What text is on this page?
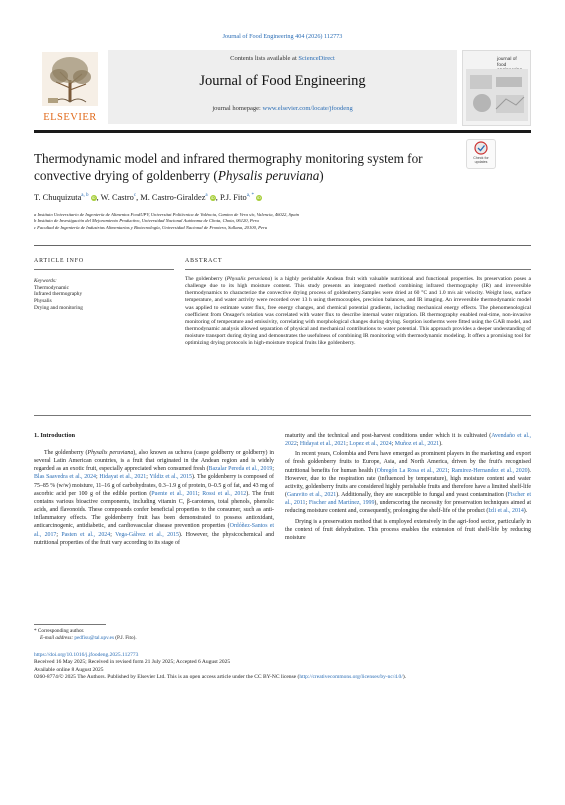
Journal of Food Engineering 404 (2026) 112773
ELSEVIER
Contents lists available at ScienceDirect
Journal of Food Engineering
journal homepage: www.elsevier.com/locate/jfoodeng
journal of
food
Thermodynamic model and infrared thermography monitoring system for convective drying of goldenberry (Physalis peruviana)
Check for
updates
T. Chuquizuta$^{a, b}$ iD, W. Castro$^c$, M. Castro-Giraldez$^a$ iD, P.J. Fito$^{a, *}$ iD
a Instituto Universitario de Ingeniería de Alimentos FoodUPV, Universitat Politècnica de València, Camino de Vera s/n, Valencia, 46022, Spain
b Instituto de Investigación del Mejoramiento Productivo, Universidad Nacional Autónoma de Chota, Chota, 06120, Peru
c Facultad de Ingeniería de Industrias Alimentarias y Biotecnología, Universidad Nacional de Frontera, Sullana, 20100, Peru
ARTICLE INFO	ABSTRACT
Keywords:
Thermodynamic
Infrared thermography
Physalis
Drying and monitoring
The goldenberry (Physalis peruviana) is a highly perishable Andean fruit with valuable nutritional and functional properties. Its preservation poses a challenge due to its high moisture content. This study presents an integrated method combining infrared thermography (IR) and irreversible thermodynamics to characterize the convective drying process of goldenberry.Samples were dried at 60 °C and 1.0 m/s air velocity. Weight loss, surface temperature, and water activity were recorded over 13 h using thermocouples, precision balances, and IR imaging. An irreversible thermodynamic model was applied to estimate water flux, free energy changes, and chemical potential gradients, including mechanical energy effects. The phenomenological coefficient from Onsager's relation was correlated with water flux to describe internal water migration. IR thermography enabled real-time, non-invasive monitoring of temperature and emissivity, correlating with morphological changes during drying. Sorption isotherms were fitted using the GAB model, and thermodynamic analysis allowed separation of physical and mechanical contributions to water potential. This approach provides a deeper understanding of moisture transport during drying and demonstrates the usefulness of combining IR monitoring with thermodynamic modeling. It offers a promising tool for optimizing drying protocols in high-moisture tropical fruits like goldenberry.
1. Introduction

The goldenberry (Physalis peruviana), also known as uchuva (caspe goldberry or goldberry) in several Latin American countries, is a fruit that originated in the Andean region and is widely regarded as an exotic fruit, especially appreciated when consumed fresh (Bazalar Pereda et al., 2019; Blas Saavedra et al., 2024; Hidayat et al., 2021; Yildiz et al., 2015). The goldenberry is composed of 75–85 % (w/w) moisture, 11–16 g of carbohydrates, 0.3–1.9 g of protein, 0–0.5 g of fat, and 43 mg of ascorbic acid per 100 g of the edible portion (Puente et al., 2011; Rossi et al., 2012). The fruit contains various bioactive components, including vitamin C, β-carotenes, total phenols, phenolic acids, and flavonoids. These compounds confer beneficial properties to the consumer, such as anti-inflammatory effects. The goldenberry fruit has been demonstrated to possess antioxidant, anticarcinogenic, antidiabetic, and cardiovascular disease prevention properties (Ordóñez-Santos et al., 2017; Pasten et al., 2024; Vega-Gálvez et al., 2015). However, the physicochemical and nutritional properties of the fruit vary according to its stage of

maturity and the technical and post-harvest conditions under which it is cultivated (Avendaño et al., 2022; Hidayat et al., 2021; Lopez et al., 2024; Muñoz et al., 2021).

In recent years, Colombia and Peru have emerged as prominent players in the marketing and export of fresh goldenberry fruits to Europe, Asia, and North America, driven by the fruit's recognised nutritional benefits for human health (Obregón La Rosa et al., 2021; Ramirez-Hernandez et al., 2020). However, due to the respiration rate (influenced by temperature), high moisture content and water activity, goldenberry fruits are considered highly perishable fruits and therefore have a limited shelf-life (Garavito et al., 2021). Additionally, they are susceptible to fungal and yeast contamination (Fischer et al., 2011; Fischer and Martínez, 1999), underscoring the necessity for preservation techniques aimed at reducing moisture content and, consequently, prolonging the shelf-life of the product (Izli et al., 2014).

Drying is a preservation method that is employed extensively in the agri-food sector, particularly in the context of fruit dehydration. This process enables the extension of fruit shelf-life by reducing moisture

* Corresponding author.
E-mail address: pedfisu@tal.upv.es (P.J. Fito).
https://doi.org/10.1016/j.jfoodeng.2025.112773
Received 16 May 2025; Received in revised form 21 July 2025; Accepted 6 August 2025
Available online 8 August 2025
0260-8774/© 2025 The Authors. Published by Elsevier Ltd. This is an open access article under the CC BY-NC license (http://creativecommons.org/licenses/by-nc/4.0/).
